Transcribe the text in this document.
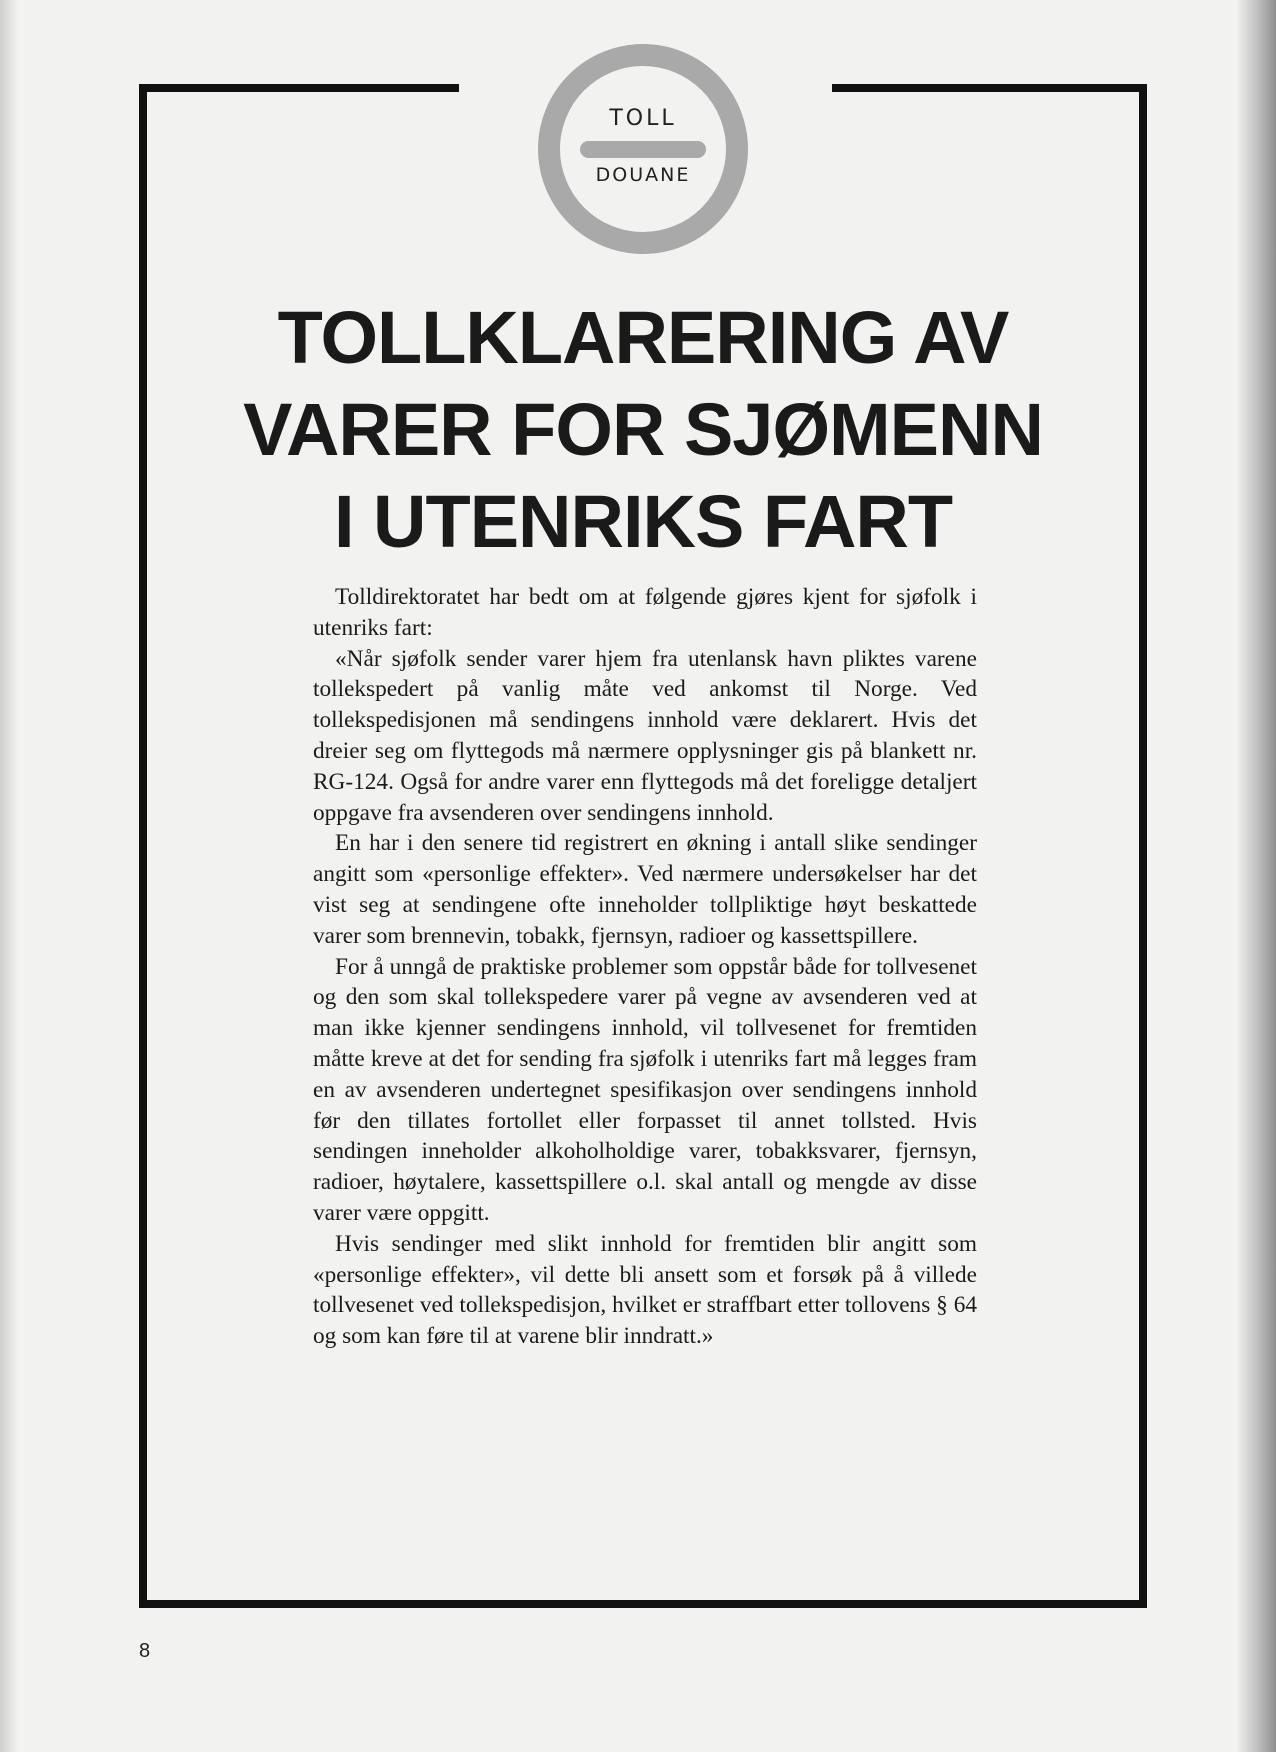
TOLL
DOUANE
TOLLKLARERING AV
VARER FOR SJØMENN
I UTENRIKS FART

Tolldirektoratet har bedt om at følgende gjøres kjent for sjøfolk i utenriks fart:

«Når sjøfolk sender varer hjem fra utenlansk havn pliktes varene tollekspedert på vanlig måte ved ankomst til Norge. Ved tollekspedisjonen må sendingens innhold være deklarert. Hvis det dreier seg om flyttegods må nærmere opplysninger gis på blankett nr. RG-124. Også for andre varer enn flyttegods må det foreligge detaljert oppgave fra avsenderen over sendingens innhold.

En har i den senere tid registrert en økning i antall slike sendinger angitt som «personlige effekter». Ved nærmere undersøkelser har det vist seg at sendingene ofte inneholder tollpliktige høyt beskattede varer som brennevin, tobakk, fjernsyn, radioer og kassettspillere.

For å unngå de praktiske problemer som oppstår både for tollvesenet og den som skal tollekspedere varer på vegne av avsenderen ved at man ikke kjenner sendingens innhold, vil tollvesenet for fremtiden måtte kreve at det for sending fra sjøfolk i utenriks fart må legges fram en av avsenderen undertegnet spesifikasjon over sendingens innhold før den tillates fortollet eller forpasset til annet tollsted. Hvis sendingen inneholder alkoholholdige varer, tobakksvarer, fjernsyn, radioer, høytalere, kassettspillere o.l. skal antall og mengde av disse varer være oppgitt.

Hvis sendinger med slikt innhold for fremtiden blir angitt som «personlige effekter», vil dette bli ansett som et forsøk på å villede tollvesenet ved tollekspedisjon, hvilket er straffbart etter tollovens § 64 og som kan føre til at varene blir inndratt.»

8
